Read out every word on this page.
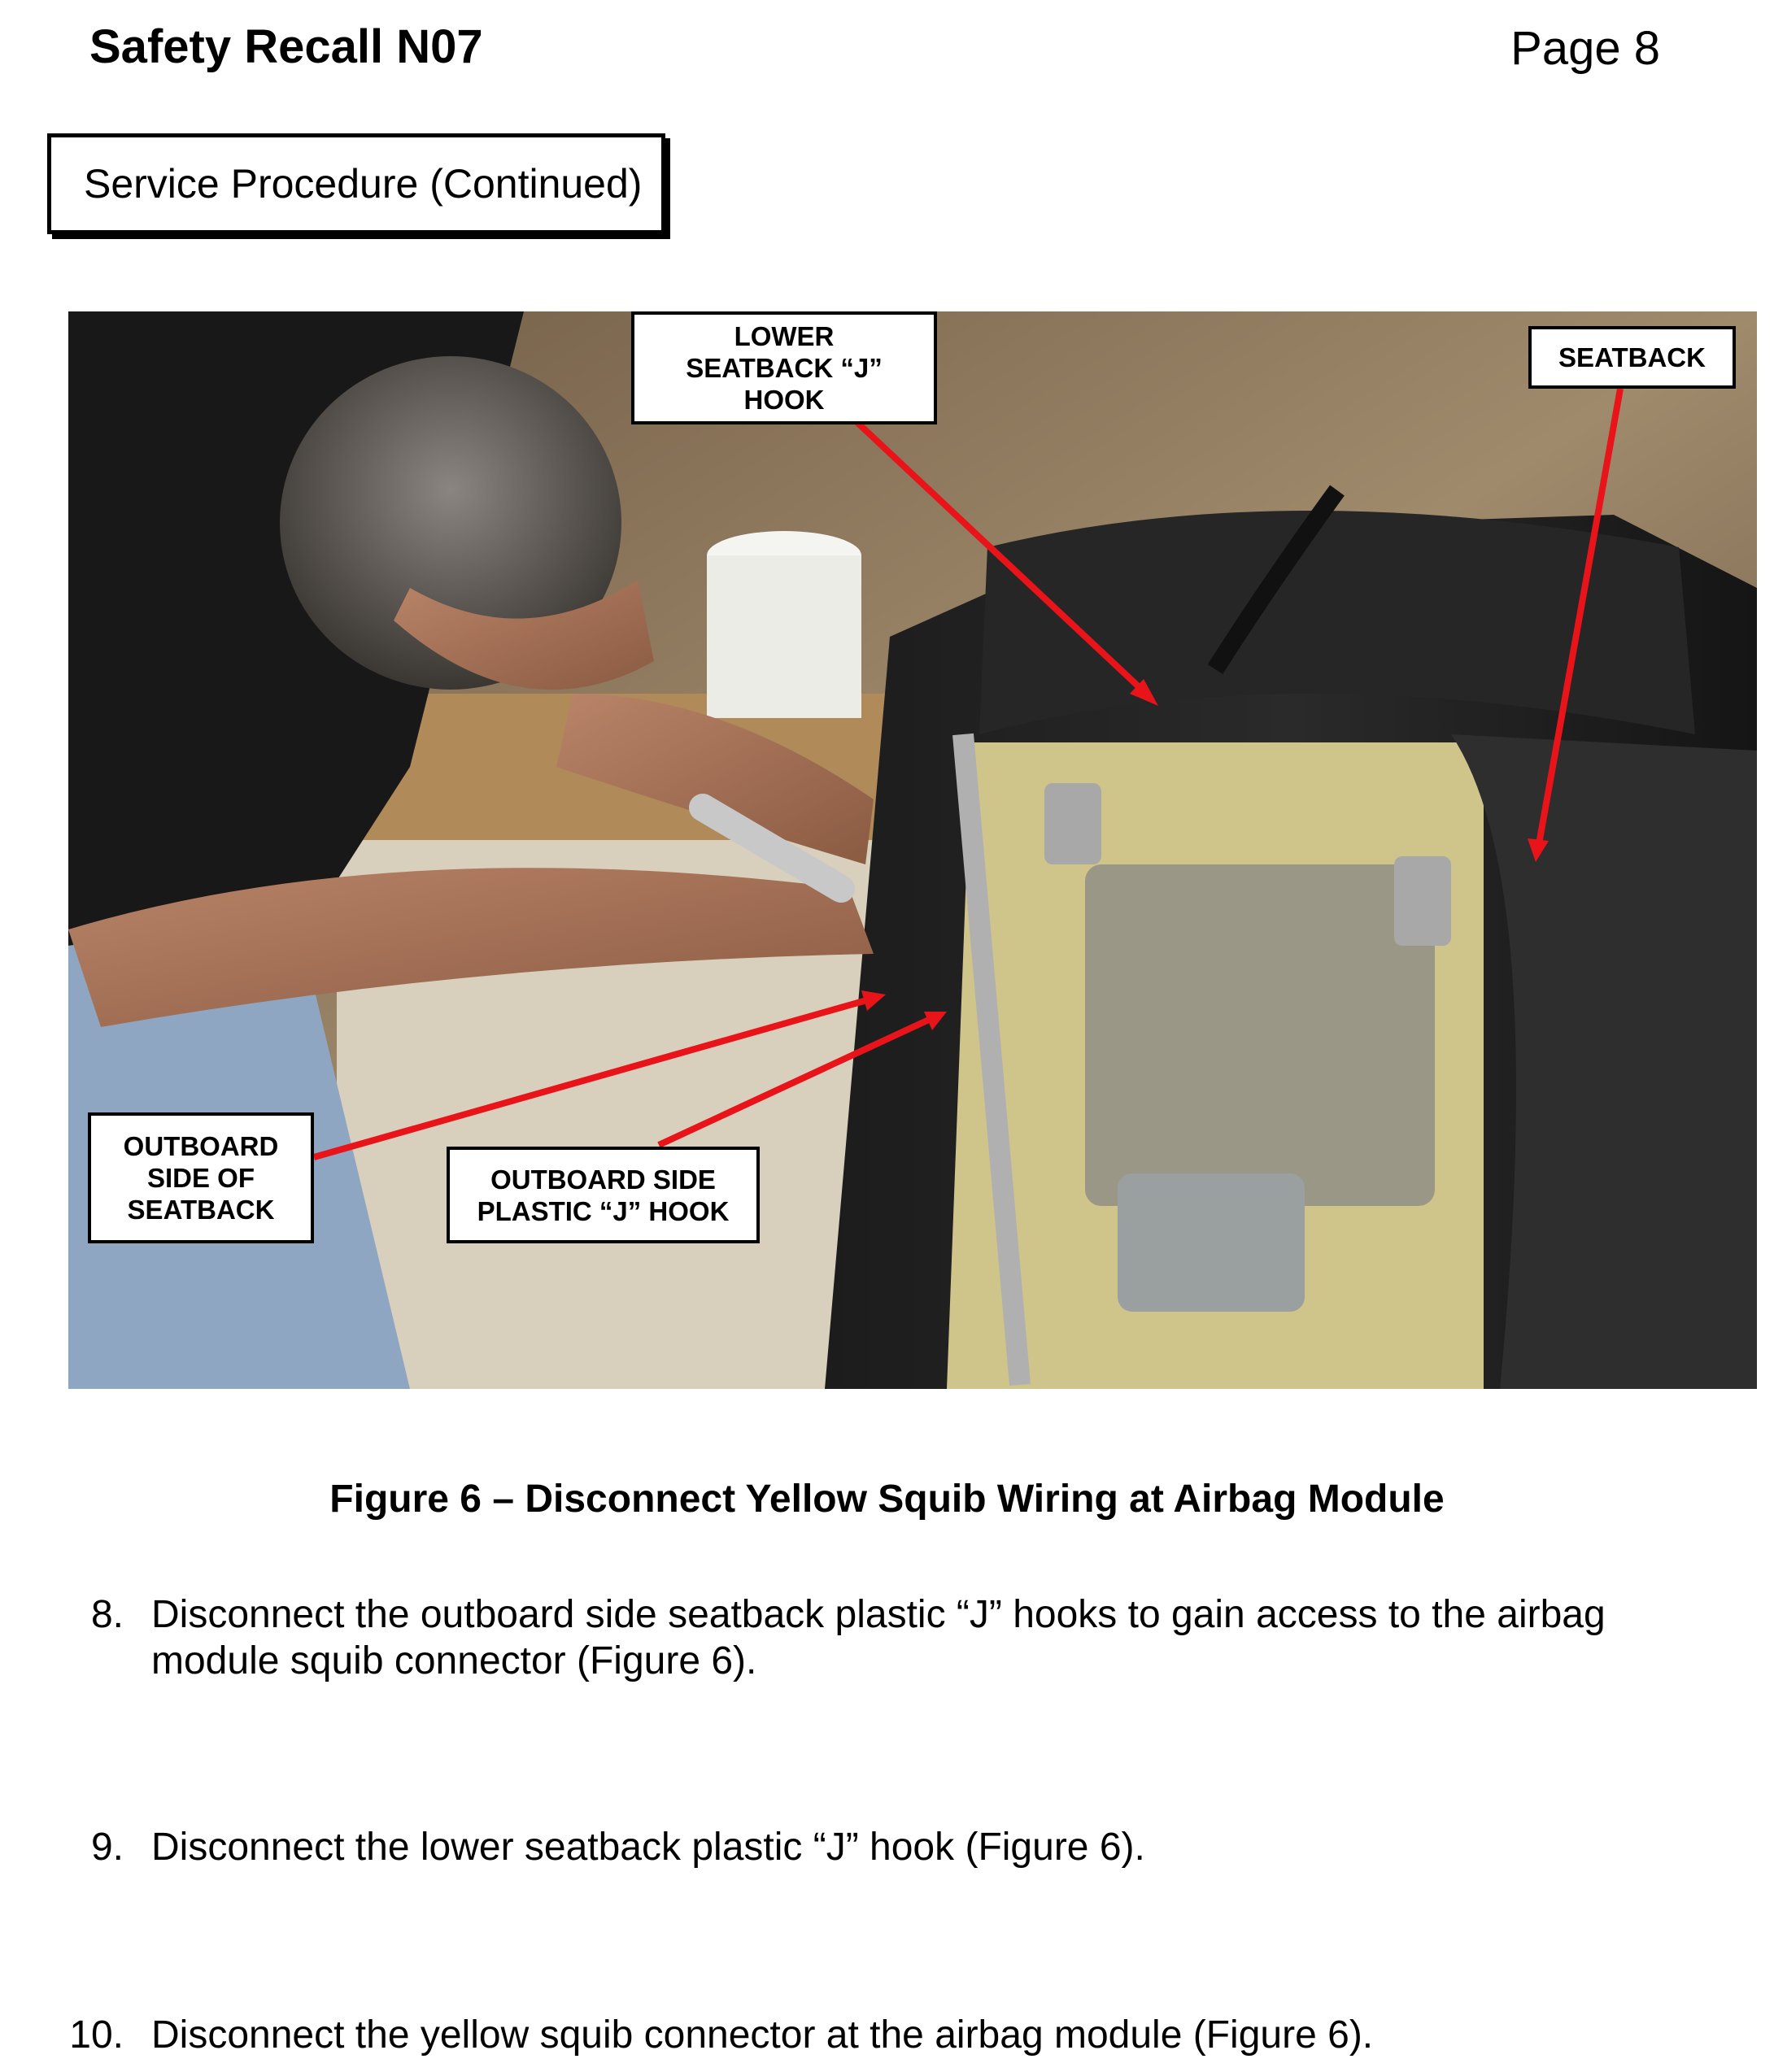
Safety Recall N07	Page 8
Service Procedure (Continued)
LOWER
SEATBACK “J”
HOOK
SEATBACK
OUTBOARD
SIDE OF
SEATBACK
OUTBOARD SIDE
PLASTIC “J” HOOK
Figure 6 – Disconnect Yellow Squib Wiring at Airbag Module
8. Disconnect the outboard side seatback plastic “J” hooks to gain access to the airbag module squib connector (Figure 6).
9. Disconnect the lower seatback plastic “J” hook (Figure 6).
10. Disconnect the yellow squib connector at the airbag module (Figure 6).
